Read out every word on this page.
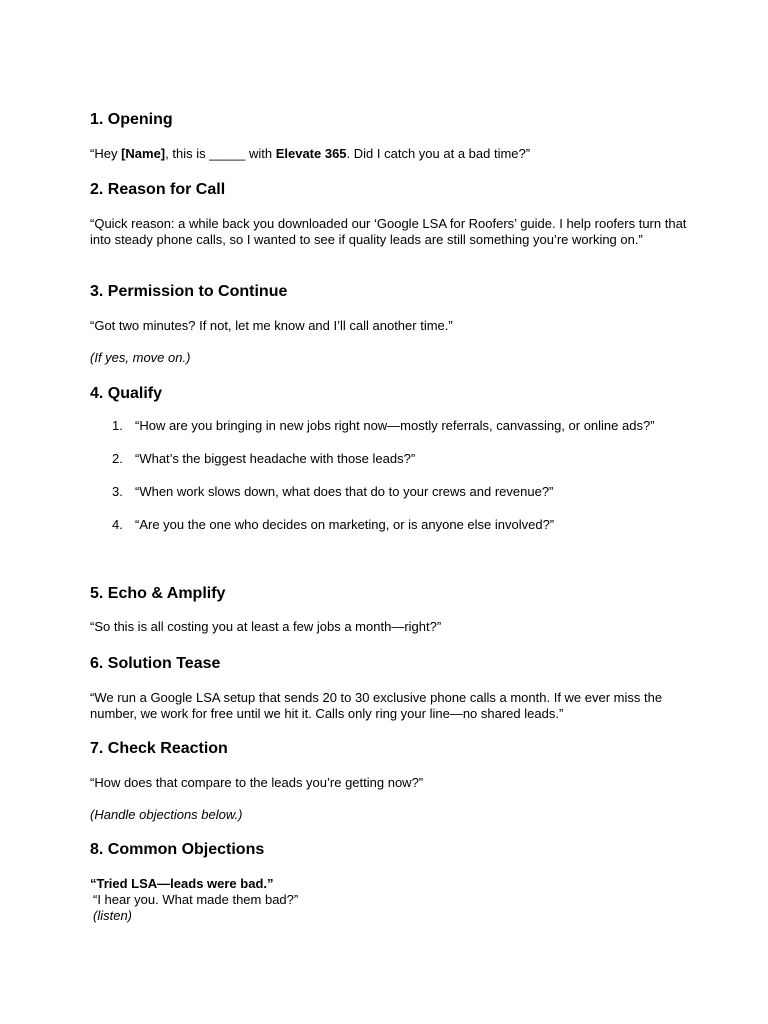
1. Opening

“Hey [Name], this is _____ with Elevate 365. Did I catch you at a bad time?”

2. Reason for Call

“Quick reason: a while back you downloaded our ‘Google LSA for Roofers’ guide. I help roofers turn that into steady phone calls, so I wanted to see if quality leads are still something you’re working on.”

3. Permission to Continue

“Got two minutes? If not, let me know and I’ll call another time.”

(If yes, move on.)

4. Qualify
1. “How are you bringing in new jobs right now—mostly referrals, canvassing, or online ads?”
2. “What’s the biggest headache with those leads?”
3. “When work slows down, what does that do to your crews and revenue?”
4. “Are you the one who decides on marketing, or is anyone else involved?”
5. Echo & Amplify

“So this is all costing you at least a few jobs a month—right?”

6. Solution Tease

“We run a Google LSA setup that sends 20 to 30 exclusive phone calls a month. If we ever miss the number, we work for free until we hit it. Calls only ring your line—no shared leads.”

7. Check Reaction

“How does that compare to the leads you’re getting now?”

(Handle objections below.)

8. Common Objections

“Tried LSA—leads were bad.”

“I hear you. What made them bad?”

(listen)
